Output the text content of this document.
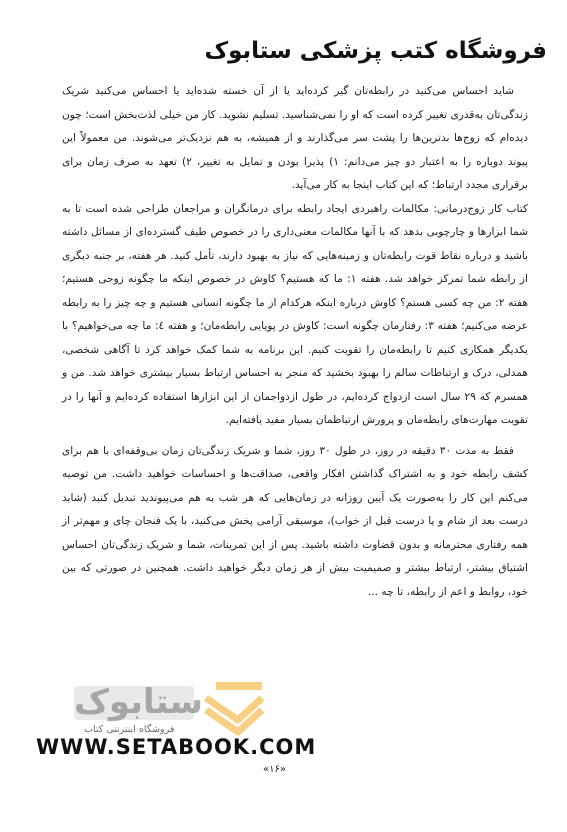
فروشگاه کتب پزشکی ستابوک

شاید احساس می‌کنید در رابطه‌تان گیر کرده‌اید یا از آن خسته شده‌اید یا احساس می‌کنید شریک زندگی‌تان به‌قدری تغییر کرده است که او را نمی‌شناسید. تسلیم نشوید. کار من خیلی لذت‌بخش است؛ چون دیده‌ام که زوج‌ها بدترین‌ها را پشت سر می‌گذارند و از همیشه، به هم نزدیک‌تر می‌شوند. من معمولاً این پیوند دوباره را به اعتبار دو چیز می‌دانم: ۱) پذیرا بودن و تمایل به تغییر، ۲) تعهد به صرف زمان برای برقراری مجدد ارتباط؛ که این کتاب اینجا به کار می‌آید.

کتاب کار زوج‌درمانی: مکالمات راهبردی ایجاد رابطه برای درمانگران و مراجعان طراحی شده است تا به شما ابزارها و چارچوبی بدهد که با آنها مکالمات معنی‌داری را در خصوص طیف گسترده‌ای از مسائل داشته باشید و درباره نقاط قوت رابطه‌تان و زمینه‌هایی که نیاز به بهبود دارند، تأمل کنید. هر هفته، بر جنبه دیگری از رابطه شما تمرکز خواهد شد. هفته ۱: ما که هستیم؟ کاوش در خصوص اینکه ما چگونه زوجی هستیم؛ هفته ۲: من چه کسی هستم؟ کاوش درباره اینکه هرکدام از ما چگونه انسانی هستیم و چه چیز را به رابطه عرضه می‌کنیم؛ هفته ۳: رفتارمان چگونه است: کاوش در پویایی رابطه‌مان؛ و هفته ٤: ما چه می‌خواهیم؟ با یکدیگر همکاری کنیم تا رابطه‌مان را تقویت کنیم. این برنامه به شما کمک خواهد کرد تا آگاهی شخصی، همدلی، درک و ارتباطات سالم را بهبود بخشید که منجر به احساس ارتباط بسیار بیشتری خواهد شد. من و همسرم که ۲۹ سال است ازدواج کرده‌ایم، در طول ازدواجمان از این ابزارها استفاده کرده‌ایم و آنها را در تقویت مهارت‌های رابطه‌مان و پرورش ارتباطمان بسیار مفید یافته‌ایم.

فقط به مدت ۳۰ دقیقه در روز، در طول ۳۰ روز، شما و شریک زندگی‌تان زمان بی‌وقفه‌ای با هم برای کشف رابطه خود و به اشتراک گذاشتن افکار واقعی، صداقت‌ها و احساسات خواهید داشت. من توصیه می‌کنم این کار را به‌صورت یک آیین روزانه در زمان‌هایی که هر شب به هم می‌پیوندید تبدیل کنید (شاید درست بعد از شام و یا درست قبل از خواب)، موسیقی آرامی پخش می‌کنید، با یک فنجان چای و مهم‌تر از همه رفتاری محترمانه و بدون قضاوت داشته باشید. پس از این تمرینات، شما و شریک زندگی‌تان احساس اشتیاق بیشتر، ارتباط بیشتر و صمیمیت بیش از هر زمان دیگر خواهید داشت. همچنین در صورتی که بین خود، روابط و اعم از رابطه، تا چه ...

ستابوک
فروشگاه اینترنتی کتاب
WWW.SETABOOK.COM
«۱۶»
